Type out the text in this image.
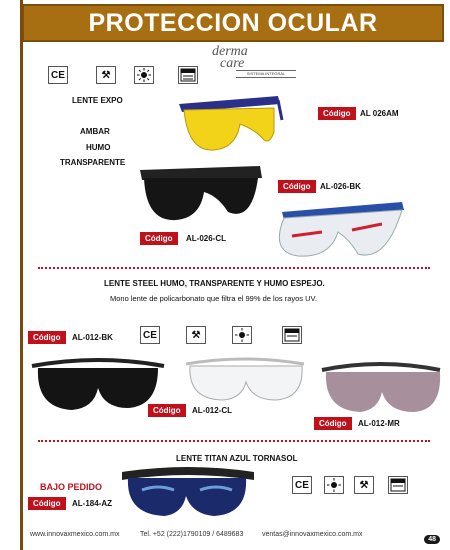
PROTECCION OCULAR
derma
care
SISTEMA INTEGRAL
CE	⚒
LENTE EXPO
AMBAR
HUMO
TRANSPARENTE
Código	AL 026AM
Código	AL-026-BK
Código	AL-026-CL
LENTE STEEL HUMO, TRANSPARENTE Y HUMO ESPEJO.
Mono lente de policarbonato que filtra el 99% de los rayos UV.
CE	⚒
Código	AL-012-BK
Código	AL-012-CL
Código	AL-012-MR
LENTE TITAN AZUL TORNASOL
BAJO PEDIDO
Código	AL-184-AZ
CE	⚒
www.innovaxmexico.com.mx	Tel. +52 (222)1790109 / 6489683	ventas@innovaxmexico.com.mx
48
